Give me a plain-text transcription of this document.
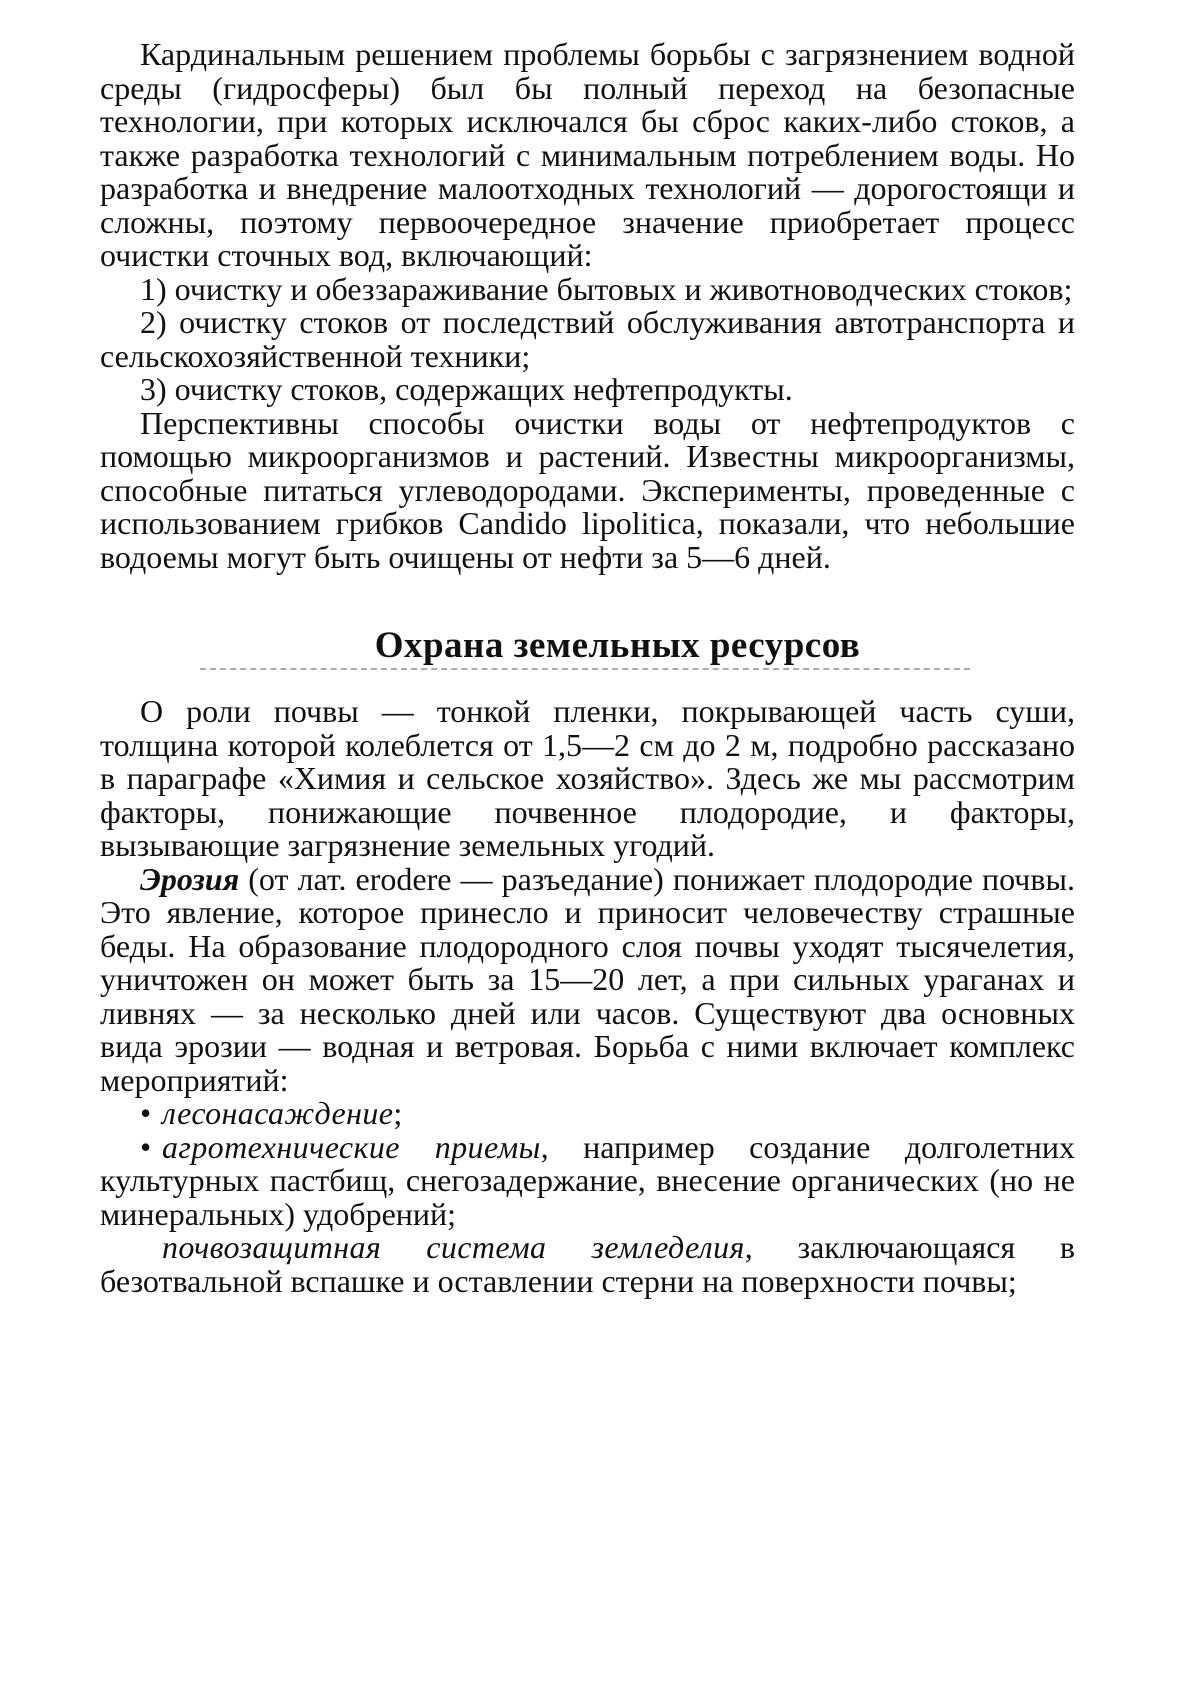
Кардинальным решением проблемы борьбы с загрязнением водной среды (гидросферы) был бы полный переход на безопасные технологии, при которых исключался бы сброс каких-либо стоков, а также разработка технологий с минимальным потреблением воды. Но разработка и внедрение малоотходных технологий — дорогостоящи и сложны, поэтому первоочередное значение приобретает процесс очистки сточных вод, включающий:

1) очистку и обеззараживание бытовых и животноводческих стоков;

2) очистку стоков от последствий обслуживания автотранспорта и сельскохозяйственной техники;

3) очистку стоков, содержащих нефтепродукты.

Перспективны способы очистки воды от нефтепродуктов с помощью микроорганизмов и растений. Известны микроорганизмы, способные питаться углеводородами. Эксперименты, проведенные с использованием грибков Candido lipolitica, показали, что небольшие водоемы могут быть очищены от нефти за 5—6 дней.

Охрана земельных ресурсов

О роли почвы — тонкой пленки, покрывающей часть суши, толщина которой колеблется от 1,5—2 см до 2 м, подробно рассказано в параграфе «Химия и сельское хозяйство». Здесь же мы рассмотрим факторы, понижающие почвенное плодородие, и факторы, вызывающие загрязнение земельных угодий.

Эрозия (от лат. erodere — разъедание) понижает плодородие почвы. Это явление, которое принесло и приносит человечеству страшные беды. На образование плодородного слоя почвы уходят тысячелетия, уничтожен он может быть за 15—20 лет, а при сильных ураганах и ливнях — за несколько дней или часов. Существуют два основных вида эрозии — водная и ветровая. Борьба с ними включает комплекс мероприятий:

• лесонасаждение;

• агротехнические приемы, например создание долголетних культурных пастбищ, снегозадержание, внесение органических (но не минеральных) удобрений;

почвозащитная система земледелия, заключающаяся в безотвальной вспашке и оставлении стерни на поверхности почвы;
